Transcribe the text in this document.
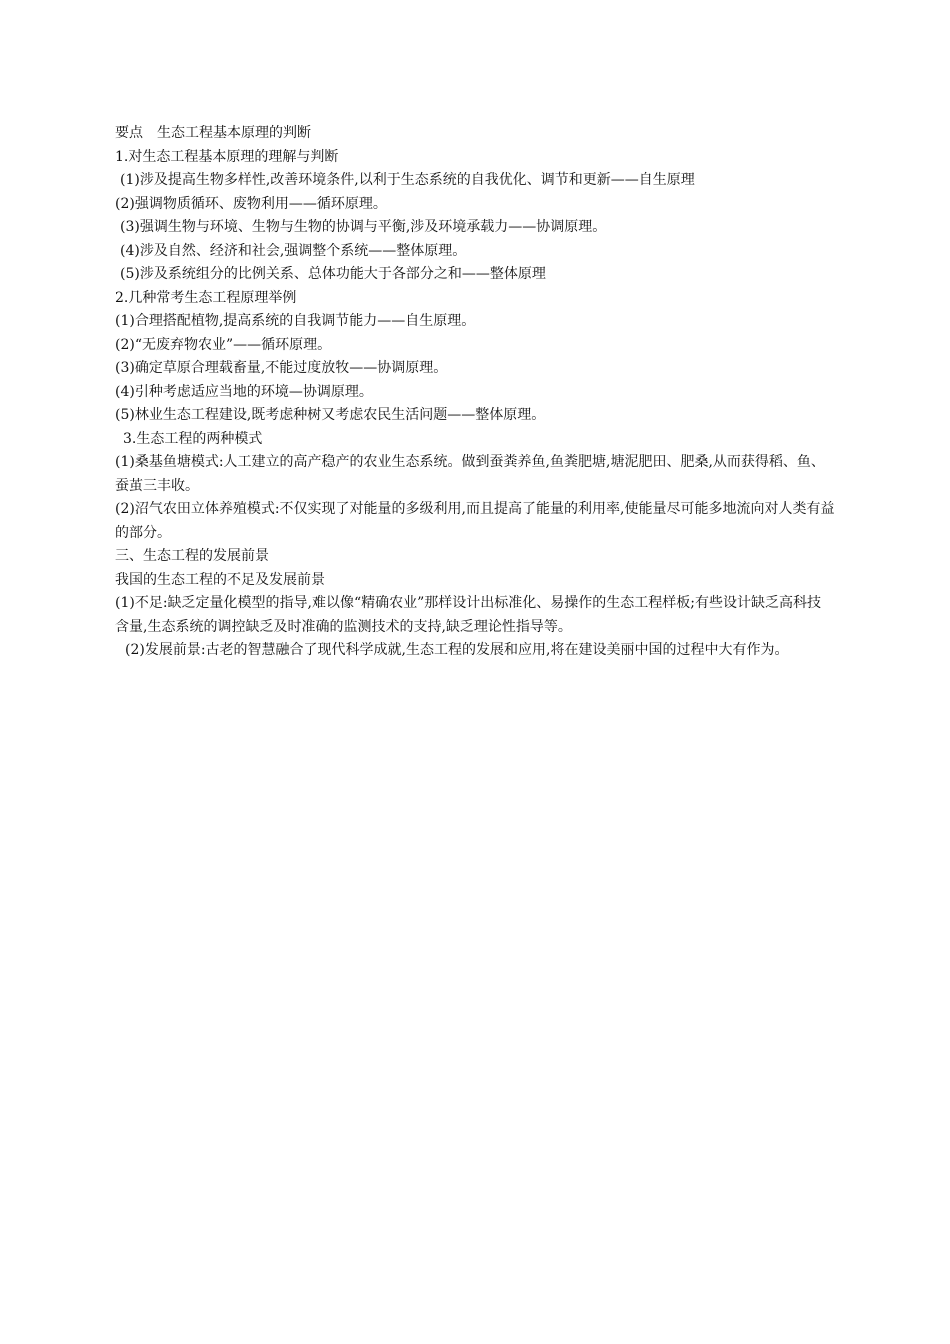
要点　生态工程基本原理的判断

1.对生态工程基本原理的理解与判断

(1)涉及提高生物多样性,改善环境条件,以利于生态系统的自我优化、调节和更新——自生原理

(2)强调物质循环、废物利用——循环原理。

(3)强调生物与环境、生物与生物的协调与平衡,涉及环境承载力——协调原理。

(4)涉及自然、经济和社会,强调整个系统——整体原理。

(5)涉及系统组分的比例关系、总体功能大于各部分之和——整体原理

2.几种常考生态工程原理举例

(1)合理搭配植物,提高系统的自我调节能力——自生原理。

(2)“无废弃物农业”——循环原理。

(3)确定草原合理载畜量,不能过度放牧——协调原理。

(4)引种考虑适应当地的环境—协调原理。

(5)林业生态工程建设,既考虑种树又考虑农民生活问题——整体原理。

3.生态工程的两种模式

(1)桑基鱼塘模式:人工建立的高产稳产的农业生态系统。做到蚕粪养鱼,鱼粪肥塘,塘泥肥田、肥桑,从而获得稻、鱼、蚕茧三丰收。

(2)沼气农田立体养殖模式:不仅实现了对能量的多级利用,而且提高了能量的利用率,使能量尽可能多地流向对人类有益的部分。

三、生态工程的发展前景

我国的生态工程的不足及发展前景

(1)不足:缺乏定量化模型的指导,难以像“精确农业”那样设计出标准化、易操作的生态工程样板;有些设计缺乏高科技含量,生态系统的调控缺乏及时准确的监测技术的支持,缺乏理论性指导等。

(2)发展前景:古老的智慧融合了现代科学成就,生态工程的发展和应用,将在建设美丽中国的过程中大有作为。
